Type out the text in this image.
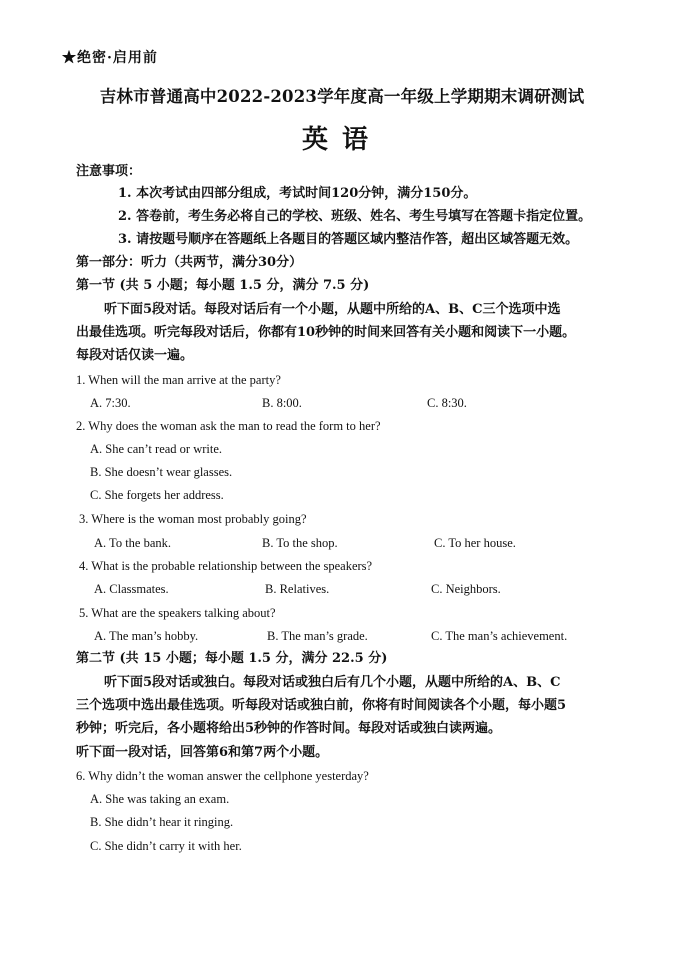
★绝密·启用前
吉林市普通高中2022-2023学年度高一年级上学期期末调研测试
英语
注意事项：
1. 本次考试由四部分组成，考试时间120分钟，满分150分。
2. 答卷前，考生务必将自己的学校、班级、姓名、考生号填写在答题卡指定位置。
3. 请按题号顺序在答题纸上各题目的答题区域内整洁作答，超出区域答题无效。
第一部分：听力（共两节，满分30分）
第一节 (共 5 小题；每小题 1.5 分，满分 7.5 分)
听下面5段对话。每段对话后有一个小题，从题中所给的A、B、C三个选项中选
出最佳选项。听完每段对话后，你都有10秒钟的时间来回答有关小题和阅读下一小题。
每段对话仅读一遍。
1. When will the man arrive at the party?
A. 7:30.	B. 8:00.	C. 8:30.
2. Why does the woman ask the man to read the form to her?
A. She can’t read or write.
B. She doesn’t wear glasses.
C. She forgets her address.
3. Where is the woman most probably going?
A. To the bank.	B. To the shop.	C. To her house.
4. What is the probable relationship between the speakers?
A. Classmates.	B. Relatives.	C. Neighbors.
5. What are the speakers talking about?
A. The man’s hobby.	B. The man’s grade.	C. The man’s achievement.
第二节 (共 15 小题；每小题 1.5 分，满分 22.5 分)
听下面5段对话或独白。每段对话或独白后有几个小题，从题中所给的A、B、C
三个选项中选出最佳选项。听每段对话或独白前，你将有时间阅读各个小题，每小题5
秒钟；听完后，各小题将给出5秒钟的作答时间。每段对话或独白读两遍。
听下面一段对话，回答第6和第7两个小题。
6. Why didn’t the woman answer the cellphone yesterday?
A. She was taking an exam.
B. She didn’t hear it ringing.
C. She didn’t carry it with her.
